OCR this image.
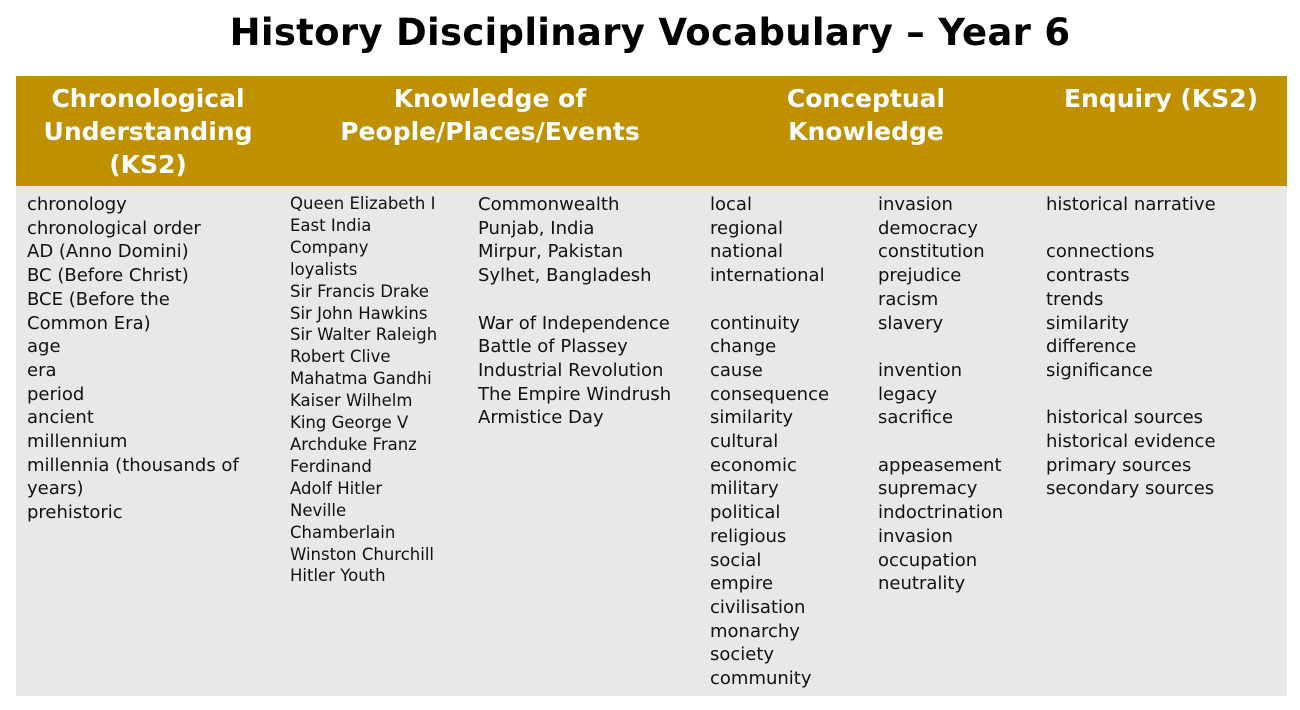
History Disciplinary Vocabulary – Year 6
Chronological
Understanding
(KS2)
Knowledge of
People/Places/Events
Conceptual
Knowledge
Enquiry (KS2)
chronology
chronological order
AD (Anno Domini)
BC (Before Christ)
BCE (Before the
Common Era)
age
era
period
ancient
millennium
millennia (thousands of
years)
prehistoric
Queen Elizabeth I
East India
Company
loyalists
Sir Francis Drake
Sir John Hawkins
Sir Walter Raleigh
Robert Clive
Mahatma Gandhi
Kaiser Wilhelm
King George V
Archduke Franz
Ferdinand
Adolf Hitler
Neville
Chamberlain
Winston Churchill
Hitler Youth
Commonwealth
Punjab, India
Mirpur, Pakistan
Sylhet, Bangladesh

War of Independence
Battle of Plassey
Industrial Revolution
The Empire Windrush
Armistice Day
local
regional
national
international

continuity
change
cause
consequence
similarity
cultural
economic
military
political
religious
social
empire
civilisation
monarchy
society
community
invasion
democracy
constitution
prejudice
racism
slavery

invention
legacy
sacrifice

appeasement
supremacy
indoctrination
invasion
occupation
neutrality
historical narrative

connections
contrasts
trends
similarity
difference
significance

historical sources
historical evidence
primary sources
secondary sources
